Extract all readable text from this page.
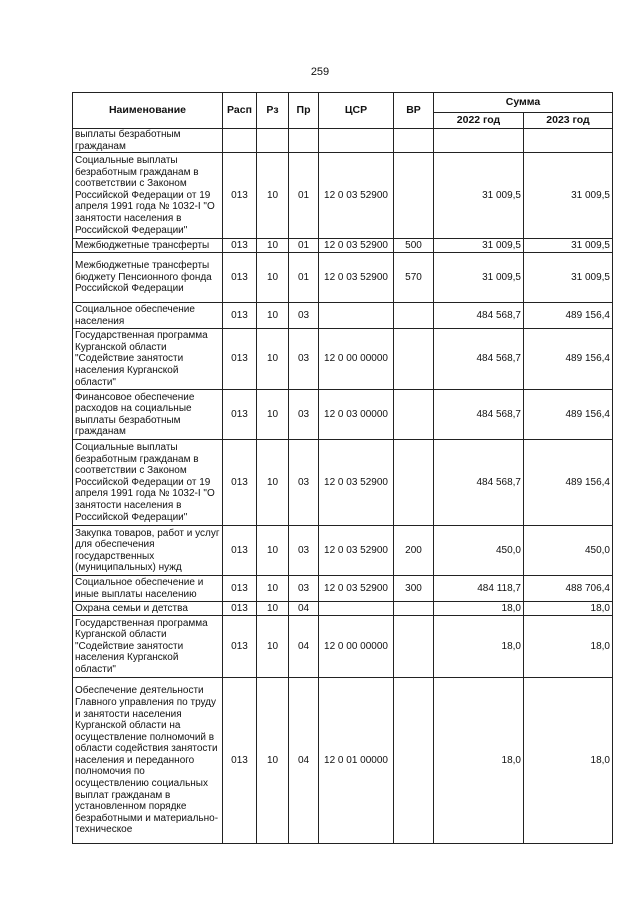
259
Наименование	Расп	Рз	Пр	ЦСР	ВР	Сумма	
						2022 год	2023 год
выплаты безработным гражданам							
Социальные выплаты безработным гражданам в соответствии с Законом Российской Федерации от 19 апреля 1991 года № 1032-I "О занятости населения в Российской Федерации"	013	10	01	12 0 03 52900		31 009,5	31 009,5
Межбюджетные трансферты	013	10	01	12 0 03 52900	500	31 009,5	31 009,5
Межбюджетные трансферты бюджету Пенсионного фонда Российской Федерации	013	10	01	12 0 03 52900	570	31 009,5	31 009,5
Социальное обеспечение населения	013	10	03			484 568,7	489 156,4
Государственная программа Курганской области "Содействие занятости населения Курганской области"	013	10	03	12 0 00 00000		484 568,7	489 156,4
Финансовое обеспечение расходов на социальные выплаты безработным гражданам	013	10	03	12 0 03 00000		484 568,7	489 156,4
Социальные выплаты безработным гражданам в соответствии с Законом Российской Федерации от 19 апреля 1991 года № 1032-I "О занятости населения в Российской Федерации"	013	10	03	12 0 03 52900		484 568,7	489 156,4
Закупка товаров, работ и услуг для обеспечения государственных (муниципальных) нужд	013	10	03	12 0 03 52900	200	450,0	450,0
Социальное обеспечение и иные выплаты населению	013	10	03	12 0 03 52900	300	484 118,7	488 706,4
Охрана семьи и детства	013	10	04			18,0	18,0
Государственная программа Курганской области "Содействие занятости населения Курганской области"	013	10	04	12 0 00 00000		18,0	18,0
Обеспечение деятельности Главного управления по труду и занятости населения Курганской области на осуществление полномочий в области содействия занятости населения и переданного полномочия по осуществлению социальных выплат гражданам в установленном порядке безработными и материально-техническое	013	10	04	12 0 01 00000		18,0	18,0
